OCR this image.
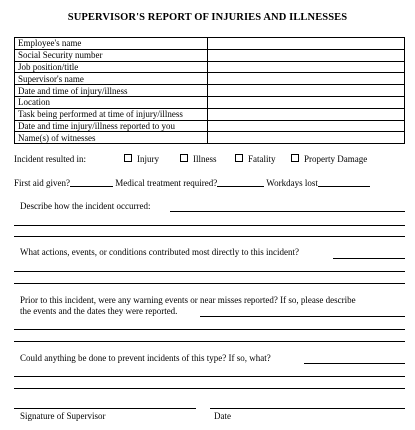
SUPERVISOR'S REPORT OF INJURIES AND ILLNESSES
Employee's name	
Social Security number	
Job position/title	
Supervisor's name	
Date and time of injury/illness	
Location	
Task being performed at time of injury/illness	
Date and time injury/illness reported to you	
Name(s) of witnesses	
Incident resulted in:	Injury	Illness	Fatality	Property Damage
First aid given?	Medical treatment required?	Workdays lost
Describe how the incident occurred:
What actions, events, or conditions contributed most directly to this incident?
Prior to this incident, were any warning events or near misses reported? If so, please describe
the events and the dates they were reported.
Could anything be done to prevent incidents of this type? If so, what?
Signature of Supervisor	Date
